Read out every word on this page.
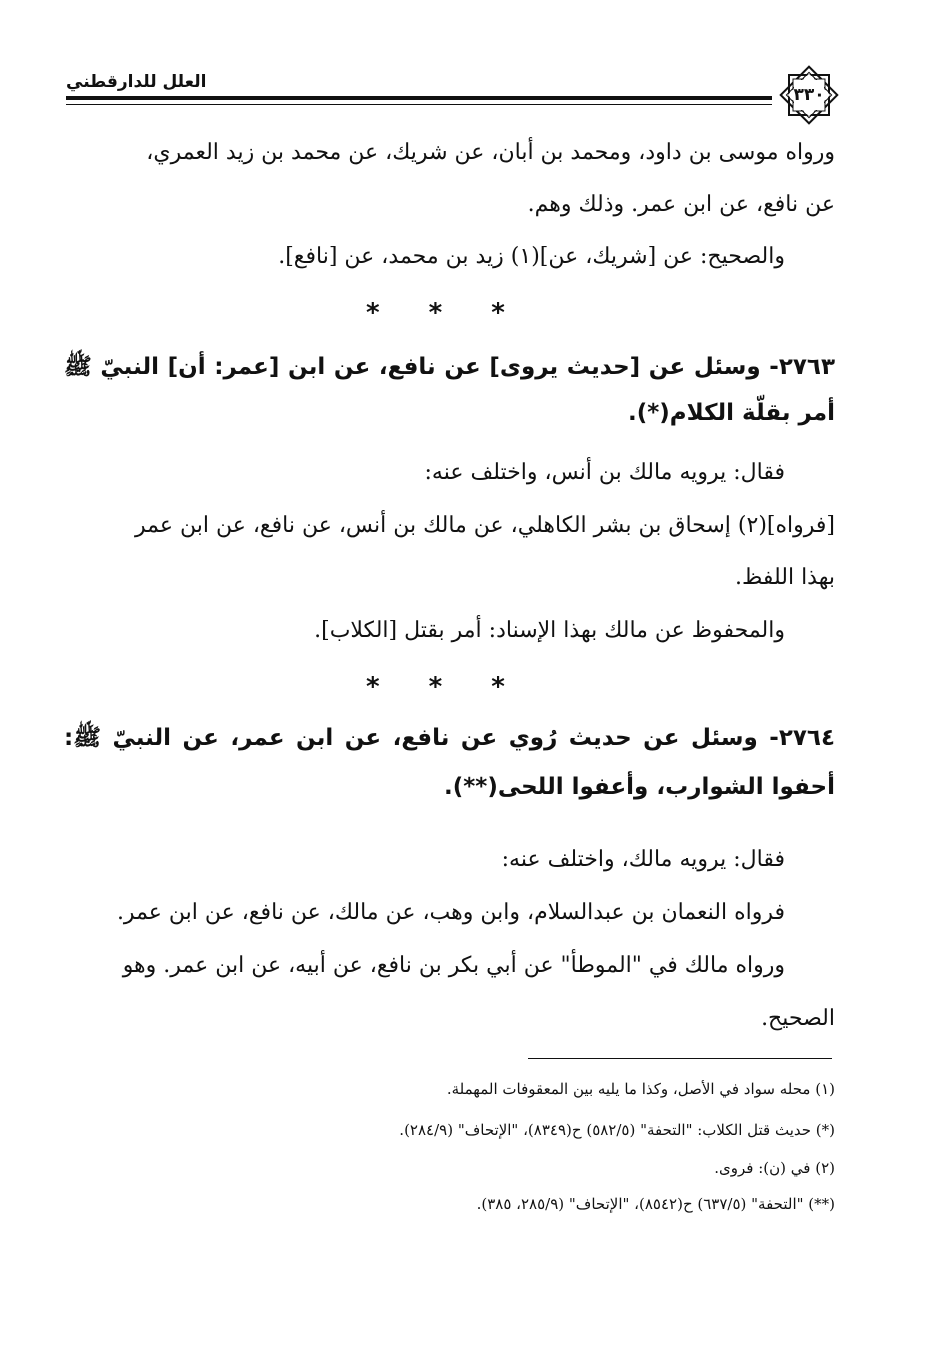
العلل للدارقطني
٣٣٠
ورواه موسى بن داود، ومحمد بن أبان، عن شريك، عن محمد بن زيد العمري،
عن نافع، عن ابن عمر. وذلك وهم.
والصحيح: عن [شريك، عن](١) زيد بن محمد، عن [نافع].
* * *
٢٧٦٣- وسئل عن [حديث يروى] عن نافع، عن ابن [عمر: أن] النبيّ ﷺ
أمر بقلّة الكلام(*).
فقال: يرويه مالك بن أنس، واختلف عنه:
[فرواه](٢) إسحاق بن بشر الكاهلي، عن مالك بن أنس، عن نافع، عن ابن عمر
بهذا اللفظ.
والمحفوظ عن مالك بهذا الإسناد: أمر بقتل [الكلاب].
* * *
٢٧٦٤- وسئل عن حديث رُوي عن نافع، عن ابن عمر، عن النبيّ ﷺ:
أحفوا الشوارب، وأعفوا اللحى(**).
فقال: يرويه مالك، واختلف عنه:
فرواه النعمان بن عبدالسلام، وابن وهب، عن مالك، عن نافع، عن ابن عمر.
ورواه مالك في "الموطأ" عن أبي بكر بن نافع، عن أبيه، عن ابن عمر. وهو
الصحيح.
(١) محله سواد في الأصل، وكذا ما يليه بين المعقوفات المهملة.
(*) حديث قتل الكلاب: "التحفة" (٥٨٢/٥) ح(٨٣٤٩)، "الإتحاف" (٢٨٤/٩).
(٢) في (ن): فروى.
(**) "التحفة" (٦٣٧/٥) ح(٨٥٤٢)، "الإتحاف" (٢٨٥/٩، ٣٨٥).
